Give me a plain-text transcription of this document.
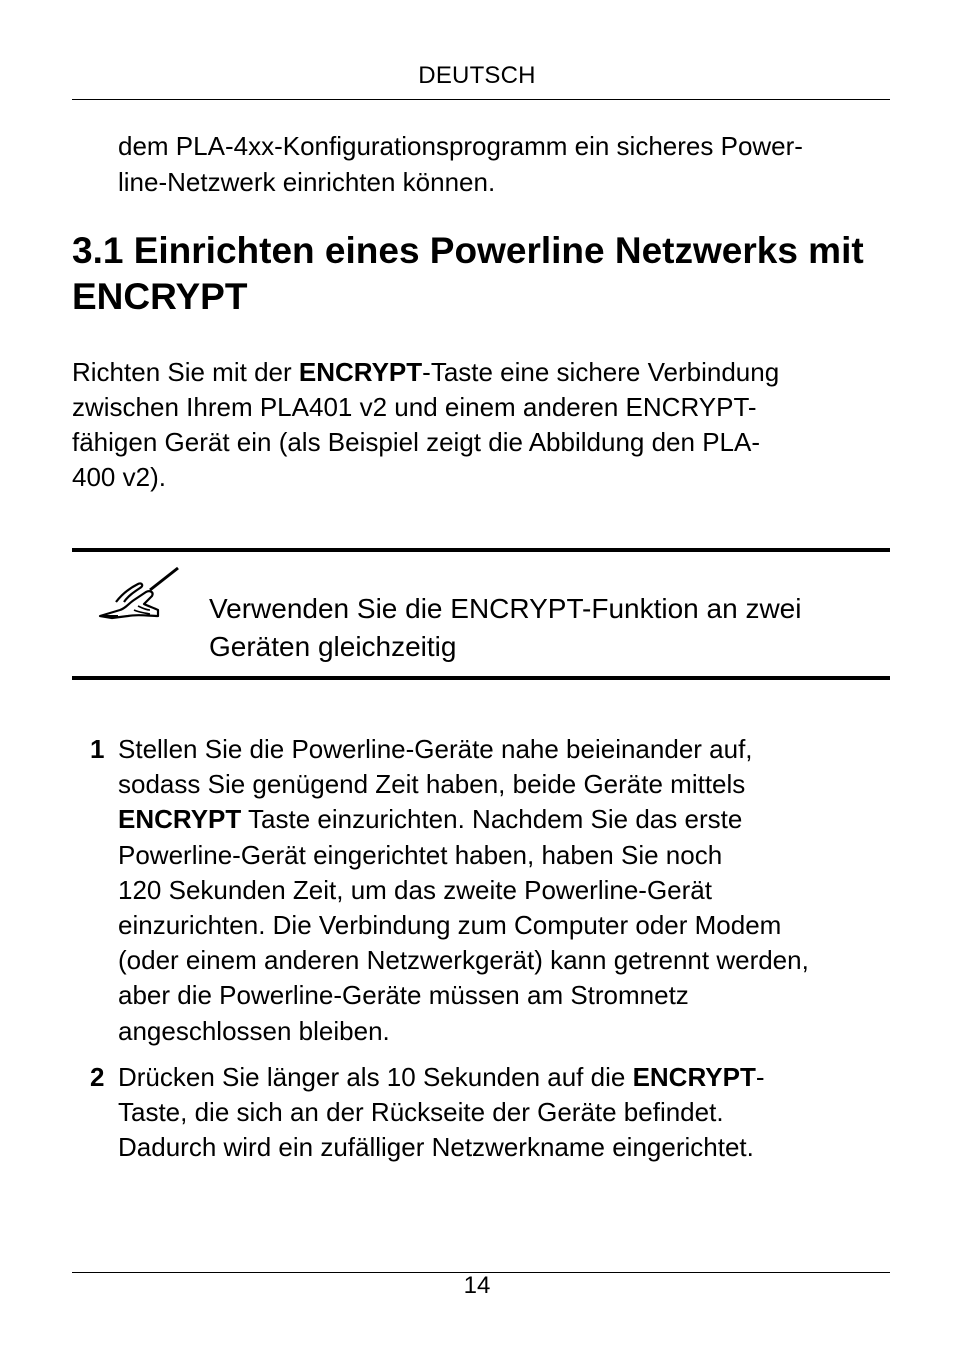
DEUTSCH
dem PLA-4xx-Konfigurationsprogramm ein sicheres Power-
line-Netzwerk einrichten können.
3.1 Einrichten eines Powerline Netzwerks mit
ENCRYPT
Richten Sie mit der ENCRYPT-Taste eine sichere Verbindung
zwischen Ihrem PLA401 v2 und einem anderen ENCRYPT-
fähigen Gerät ein (als Beispiel zeigt die Abbildung den PLA-
400 v2).
Verwenden Sie die ENCRYPT-Funktion an zwei
Geräten gleichzeitig
1 Stellen Sie die Powerline-Geräte nahe beieinander auf,
sodass Sie genügend Zeit haben, beide Geräte mittels
ENCRYPT Taste einzurichten. Nachdem Sie das erste
Powerline-Gerät eingerichtet haben, haben Sie noch
120 Sekunden Zeit, um das zweite Powerline-Gerät
einzurichten. Die Verbindung zum Computer oder Modem
(oder einem anderen Netzwerkgerät) kann getrennt werden,
aber die Powerline-Geräte müssen am Stromnetz
angeschlossen bleiben.
2 Drücken Sie länger als 10 Sekunden auf die ENCRYPT-
Taste, die sich an der Rückseite der Geräte befindet.
Dadurch wird ein zufälliger Netzwerkname eingerichtet.
14
